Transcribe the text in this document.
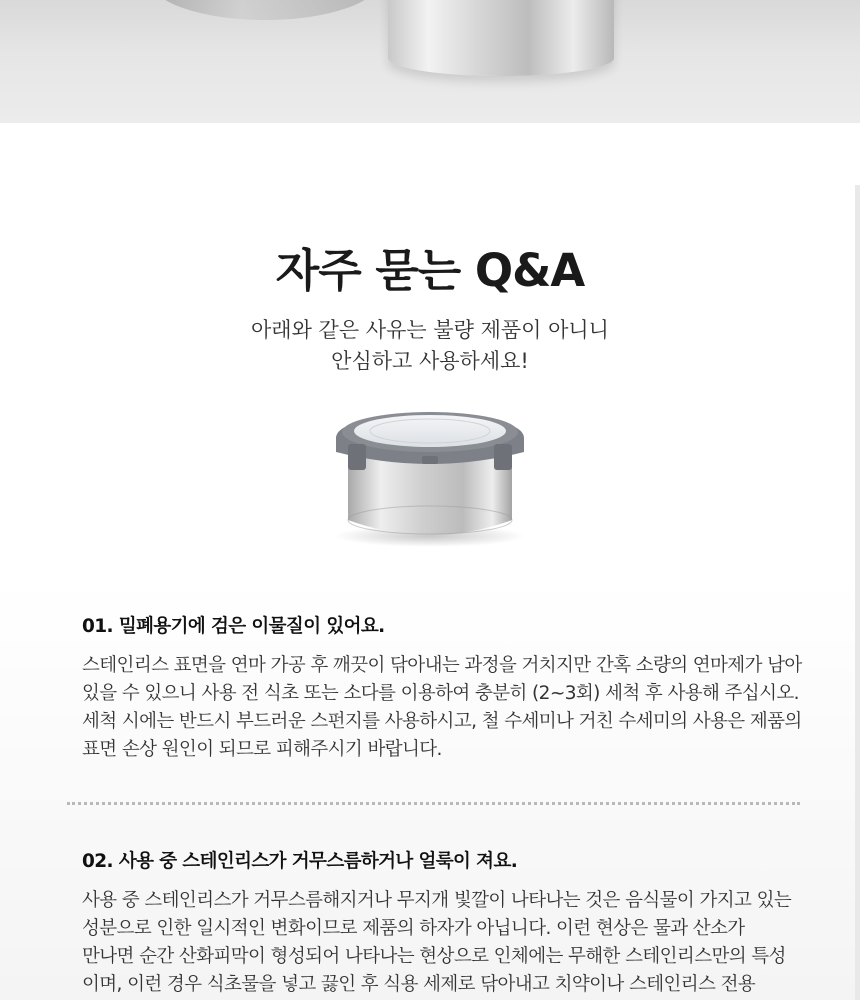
자주 묻는 Q&A
아래와 같은 사유는 불량 제품이 아니니
안심하고 사용하세요!
01. 밀폐용기에 검은 이물질이 있어요.
스테인리스 표면을 연마 가공 후 깨끗이 닦아내는 과정을 거치지만 간혹 소량의 연마제가 남아
있을 수 있으니 사용 전 식초 또는 소다를 이용하여 충분히 (2~3회) 세척 후 사용해 주십시오.
세척 시에는 반드시 부드러운 스펀지를 사용하시고, 철 수세미나 거친 수세미의 사용은 제품의
표면 손상 원인이 되므로 피해주시기 바랍니다.
02. 사용 중 스테인리스가 거무스름하거나 얼룩이 져요.
사용 중 스테인리스가 거무스름해지거나 무지개 빛깔이 나타나는 것은 음식물이 가지고 있는
성분으로 인한 일시적인 변화이므로 제품의 하자가 아닙니다. 이런 현상은 물과 산소가
만나면 순간 산화피막이 형성되어 나타나는 현상으로 인체에는 무해한 스테인리스만의 특성
이며, 이런 경우 식초물을 넣고 끓인 후 식용 세제로 닦아내고 치약이나 스테인리스 전용
